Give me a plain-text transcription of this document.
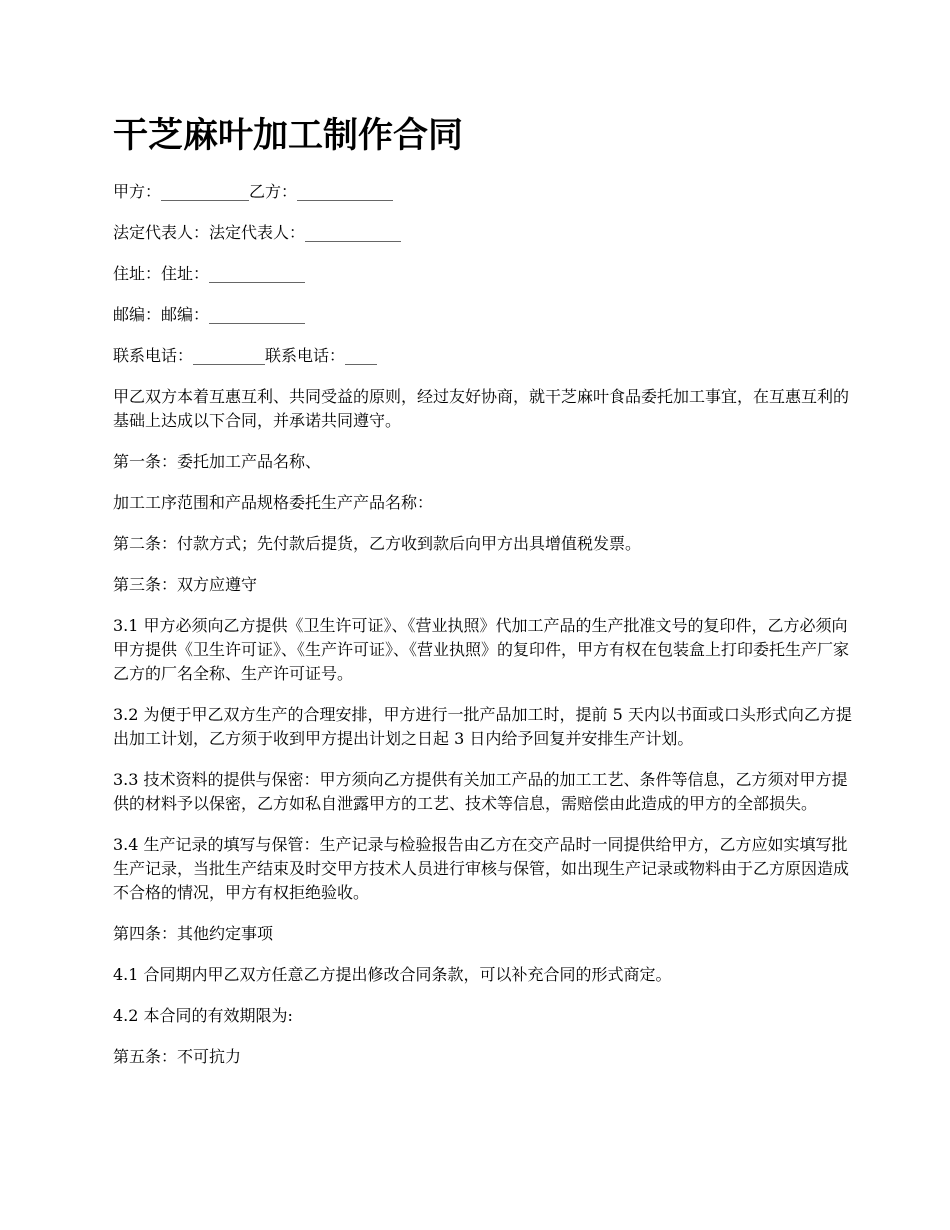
干芝麻叶加工制作合同

甲方：___________乙方：____________

法定代表人：法定代表人：____________

住址：住址：____________

邮编：邮编：____________

联系电话：_________联系电话：____

甲乙双方本着互惠互利、共同受益的原则，经过友好协商，就干芝麻叶食品委托加工事宜，在互惠互利的基础上达成以下合同，并承诺共同遵守。

第一条：委托加工产品名称、

加工工序范围和产品规格委托生产产品名称：

第二条：付款方式；先付款后提货，乙方收到款后向甲方出具增值税发票。

第三条：双方应遵守

3.1 甲方必须向乙方提供《卫生许可证》、《营业执照》代加工产品的生产批准文号的复印件，乙方必须向甲方提供《卫生许可证》、《生产许可证》、《营业执照》的复印件，甲方有权在包装盒上打印委托生产厂家乙方的厂名全称、生产许可证号。

3.2 为便于甲乙双方生产的合理安排，甲方进行一批产品加工时，提前 5 天内以书面或口头形式向乙方提出加工计划，乙方须于收到甲方提出计划之日起 3 日内给予回复并安排生产计划。

3.3 技术资料的提供与保密：甲方须向乙方提供有关加工产品的加工工艺、条件等信息，乙方须对甲方提供的材料予以保密，乙方如私自泄露甲方的工艺、技术等信息，需赔偿由此造成的甲方的全部损失。

3.4 生产记录的填写与保管：生产记录与检验报告由乙方在交产品时一同提供给甲方，乙方应如实填写批生产记录，当批生产结束及时交甲方技术人员进行审核与保管，如出现生产记录或物料由于乙方原因造成不合格的情况，甲方有权拒绝验收。

第四条：其他约定事项

4.1 合同期内甲乙双方任意乙方提出修改合同条款，可以补充合同的形式商定。

4.2 本合同的有效期限为:

第五条：不可抗力
